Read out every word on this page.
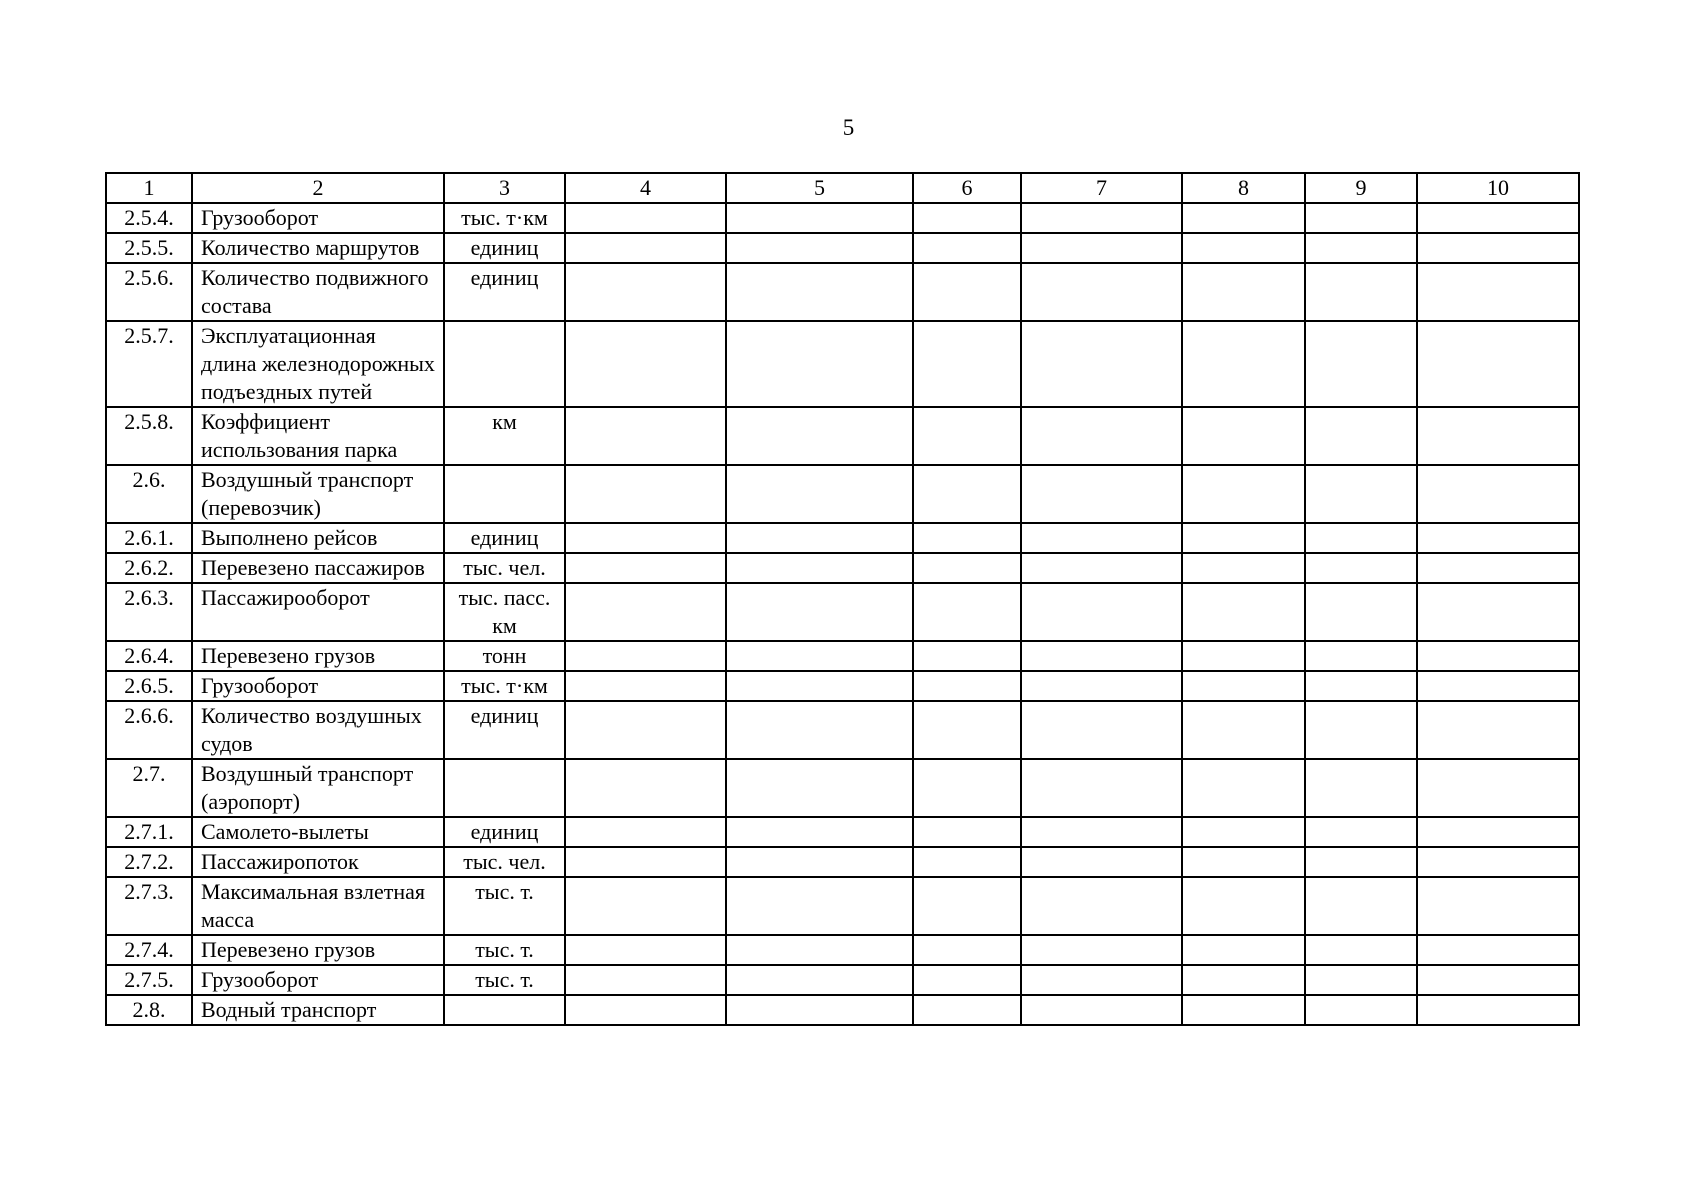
5
1	2	3	4	5	6	7	8	9	10
2.5.4.	Грузооборот	тыс. т·км							
2.5.5.	Количество маршрутов	единиц							
2.5.6.	Количество подвижного состава	единиц							
2.5.7.	Эксплуатационная длина железнодорожных подъездных путей								
2.5.8.	Коэффициент использования парка	км							
2.6.	Воздушный транспорт (перевозчик)								
2.6.1.	Выполнено рейсов	единиц							
2.6.2.	Перевезено пассажиров	тыс. чел.							
2.6.3.	Пассажирооборот	тыс. пасс. км							
2.6.4.	Перевезено грузов	тонн							
2.6.5.	Грузооборот	тыс. т·км							
2.6.6.	Количество воздушных судов	единиц							
2.7.	Воздушный транспорт (аэропорт)								
2.7.1.	Самолето-вылеты	единиц							
2.7.2.	Пассажиропоток	тыс. чел.							
2.7.3.	Максимальная взлетная масса	тыс. т.							
2.7.4.	Перевезено грузов	тыс. т.							
2.7.5.	Грузооборот	тыс. т.							
2.8.	Водный транспорт								
